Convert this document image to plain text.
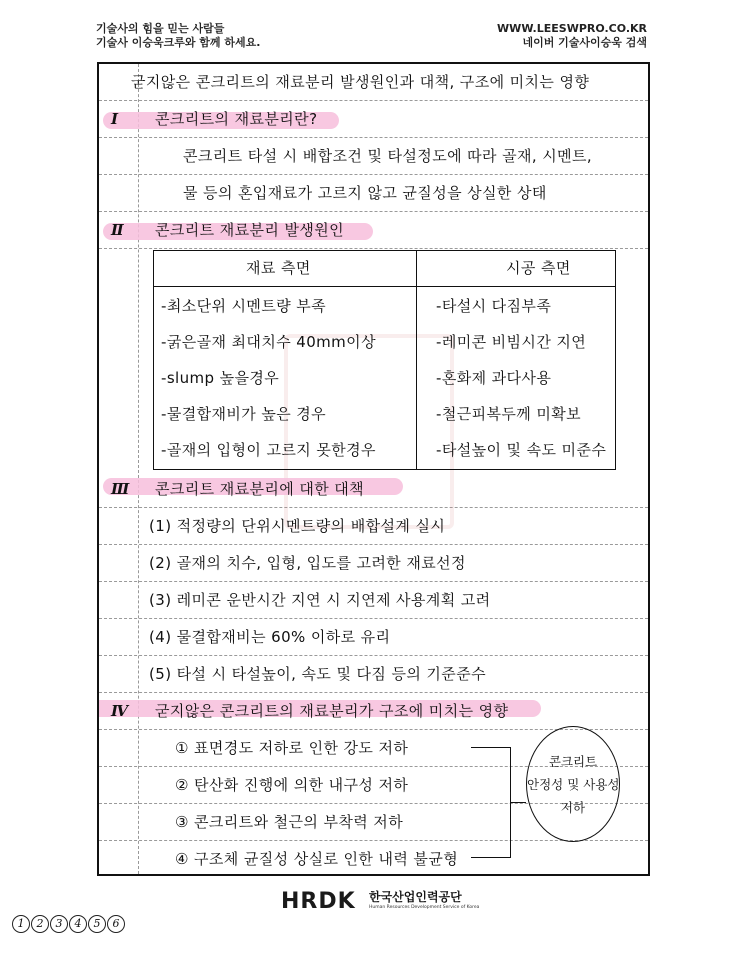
기술사의 힘을 믿는 사람들
기술사 이승욱크루와 함께 하세요.
WWW.LEESWPRO.CO.KR
네이버 기술사이승욱 검색
굳지않은 콘크리트의 재료분리 발생원인과 대책, 구조에 미치는 영향
Ⅰ 콘크리트의 재료분리란?
콘크리트 타설 시 배합조건 및 타설정도에 따라 골재, 시멘트,
물 등의 혼입재료가 고르지 않고 균질성을 상실한 상태
Ⅱ 콘크리트 재료분리 발생원인
재료 측면	시공 측면
-최소단위 시멘트량 부족	-타설시 다짐부족
-굵은골재 최대치수 40mm이상	-레미콘 비빔시간 지연
-slump 높을경우	-혼화제 과다사용
-물결합재비가 높은 경우	-철근피복두께 미확보
-골재의 입형이 고르지 못한경우	-타설높이 및 속도 미준수
Ⅲ 콘크리트 재료분리에 대한 대책
(1) 적정량의 단위시멘트량의 배합설계 실시
(2) 골재의 치수, 입형, 입도를 고려한 재료선정
(3) 레미콘 운반시간 지연 시 지연제 사용계획 고려
(4) 물결합재비는 60% 이하로 유리
(5) 타설 시 타설높이, 속도 및 다짐 등의 기준준수
Ⅳ 굳지않은 콘크리트의 재료분리가 구조에 미치는 영향
① 표면경도 저하로 인한 강도 저하
② 탄산화 진행에 의한 내구성 저하
③ 콘크리트와 철근의 부착력 저하
④ 구조체 균질성 상실로 인한 내력 불균형
콘크리트
안정성 및 사용성
저하
HRDK 한국산업인력공단
Human Resources Development Service of Korea
1	2	3	4	5	6
